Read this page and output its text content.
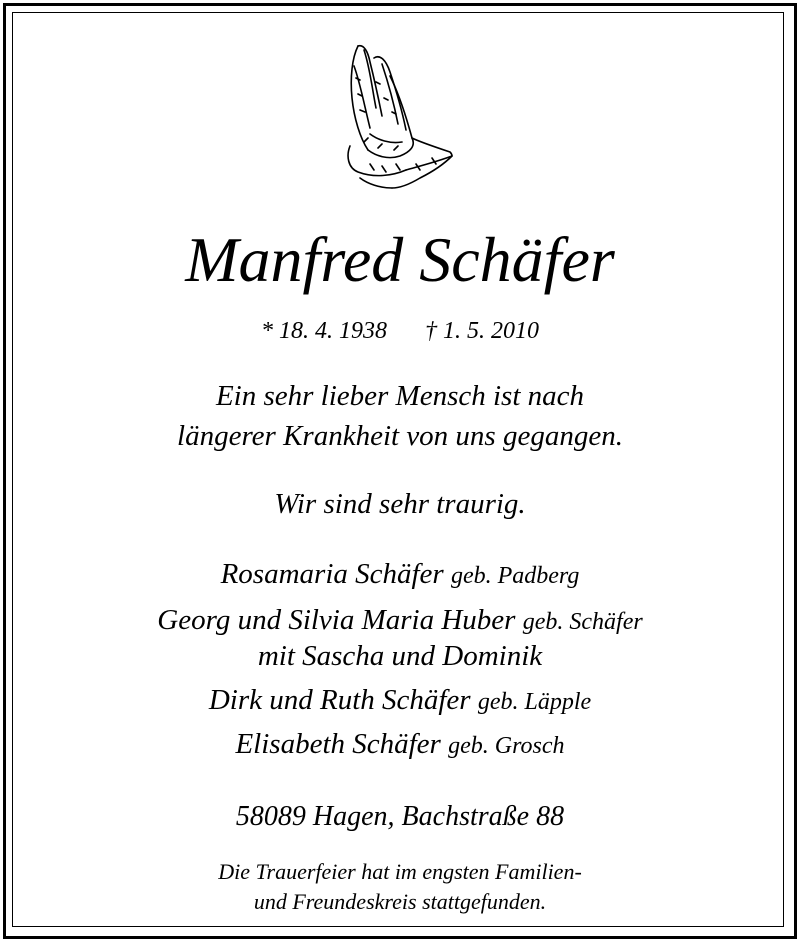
Manfred Schäfer
* 18. 4. 1938 † 1. 5. 2010
Ein sehr lieber Mensch ist nach
längerer Krankheit von uns gegangen.
Wir sind sehr traurig.
Rosamaria Schäfer geb. Padberg
Georg und Silvia Maria Huber geb. Schäfer
mit Sascha und Dominik
Dirk und Ruth Schäfer geb. Läpple
Elisabeth Schäfer geb. Grosch
58089 Hagen, Bachstraße 88
Die Trauerfeier hat im engsten Familien-
und Freundeskreis stattgefunden.
